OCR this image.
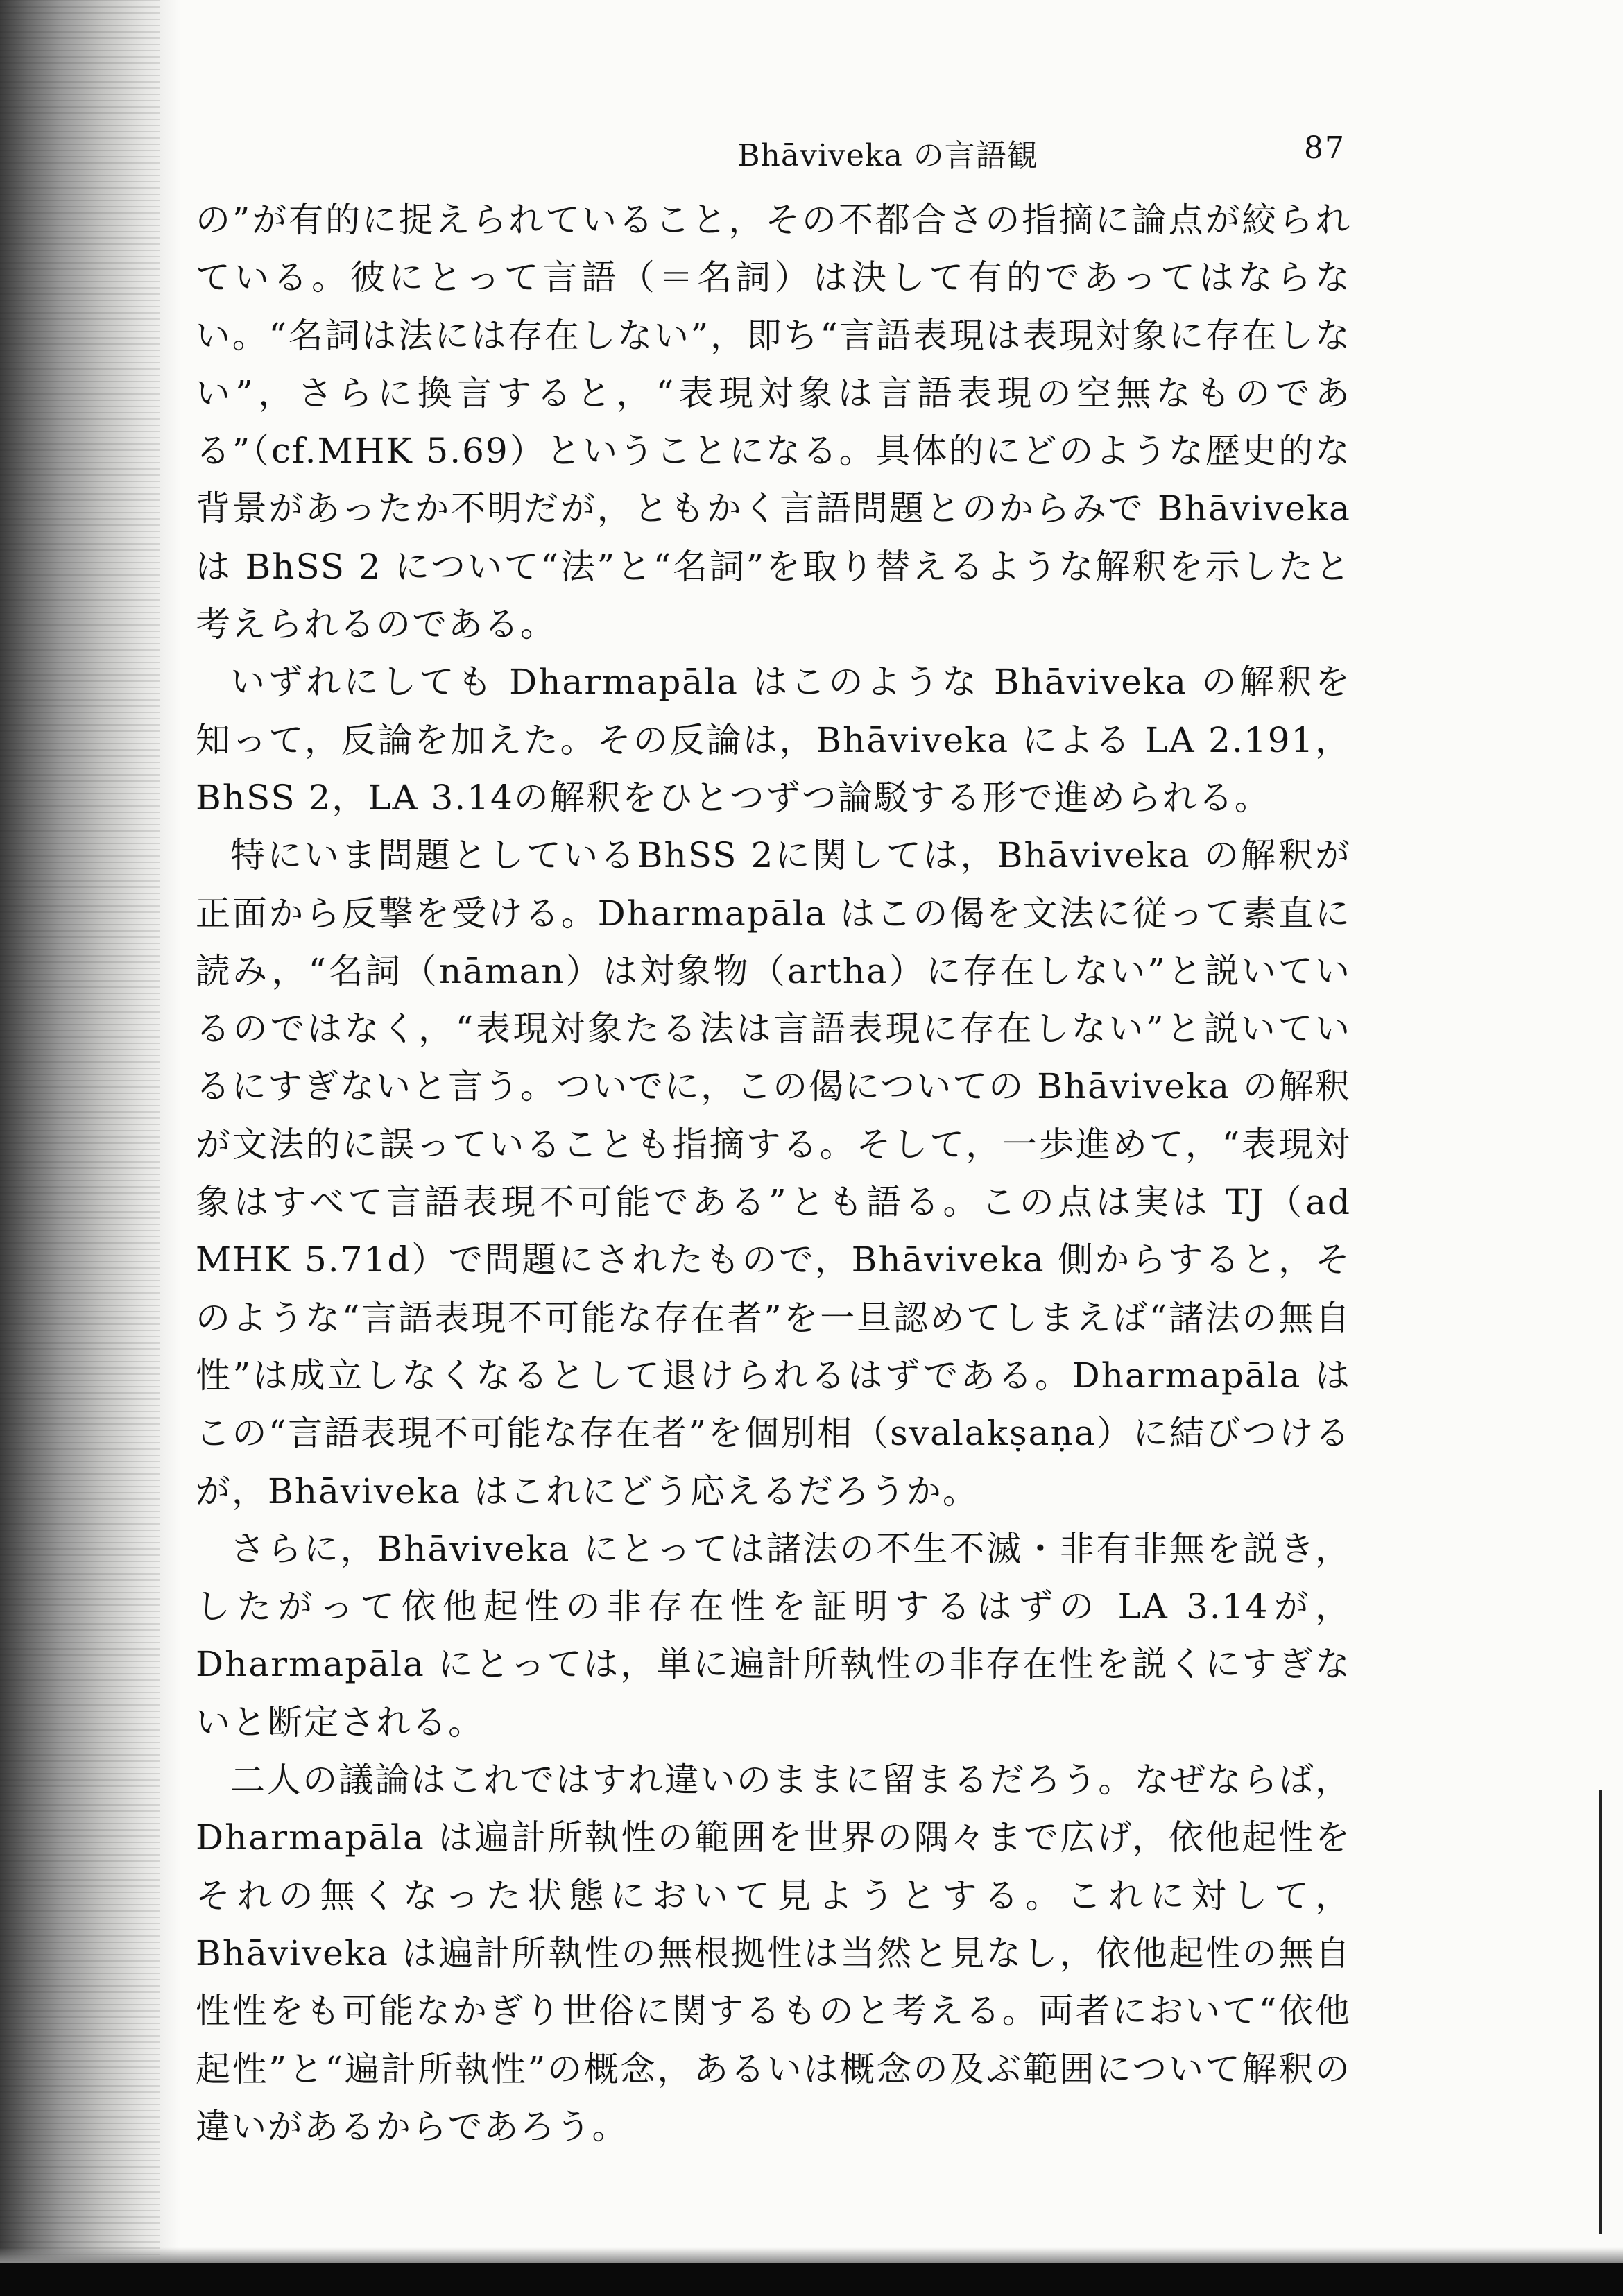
Bhāviveka の言語観	87

の”が有的に捉えられていること，その不都合さの指摘に論点が絞られている。彼にとって言語（＝名詞）は決して有的であってはならない。“名詞は法には存在しない”，即ち“言語表現は表現対象に存在しない”，さらに換言すると，“表現対象は言語表現の空無なものである”（cf.MHK 5.69）ということになる。具体的にどのような歴史的な背景があったか不明だが，ともかく言語問題とのからみで Bhāviveka は BhSS 2 について“法”と“名詞”を取り替えるような解釈を示したと考えられるのである。

いずれにしても Dharmapāla はこのような Bhāviveka の解釈を知って，反論を加えた。その反論は，Bhāviveka による LA 2.191，BhSS 2，LA 3.14の解釈をひとつずつ論駁する形で進められる。

特にいま問題としているBhSS 2に関しては，Bhāviveka の解釈が正面から反撃を受ける。Dharmapāla はこの偈を文法に従って素直に読み，“名詞（nāman）は対象物（artha）に存在しない”と説いているのではなく，“表現対象たる法は言語表現に存在しない”と説いているにすぎないと言う。ついでに，この偈についての Bhāviveka の解釈が文法的に誤っていることも指摘する。そして，一歩進めて，“表現対象はすべて言語表現不可能である”とも語る。この点は実は TJ（ad MHK 5.71d）で問題にされたもので，Bhāviveka 側からすると，そのような“言語表現不可能な存在者”を一旦認めてしまえば“諸法の無自性”は成立しなくなるとして退けられるはずである。Dharmapāla はこの“言語表現不可能な存在者”を個別相（svalakṣaṇa）に結びつけるが，Bhāviveka はこれにどう応えるだろうか。

さらに，Bhāviveka にとっては諸法の不生不滅・非有非無を説き，したがって依他起性の非存在性を証明するはずの LA 3.14が，Dharmapāla にとっては，単に遍計所執性の非存在性を説くにすぎないと断定される。

二人の議論はこれではすれ違いのままに留まるだろう。なぜならば，Dharmapāla は遍計所執性の範囲を世界の隅々まで広げ，依他起性をそれの無くなった状態において見ようとする。これに対して，Bhāviveka は遍計所執性の無根拠性は当然と見なし，依他起性の無自性性をも可能なかぎり世俗に関するものと考える。両者において“依他起性”と“遍計所執性”の概念，あるいは概念の及ぶ範囲について解釈の違いがあるからであろう。
